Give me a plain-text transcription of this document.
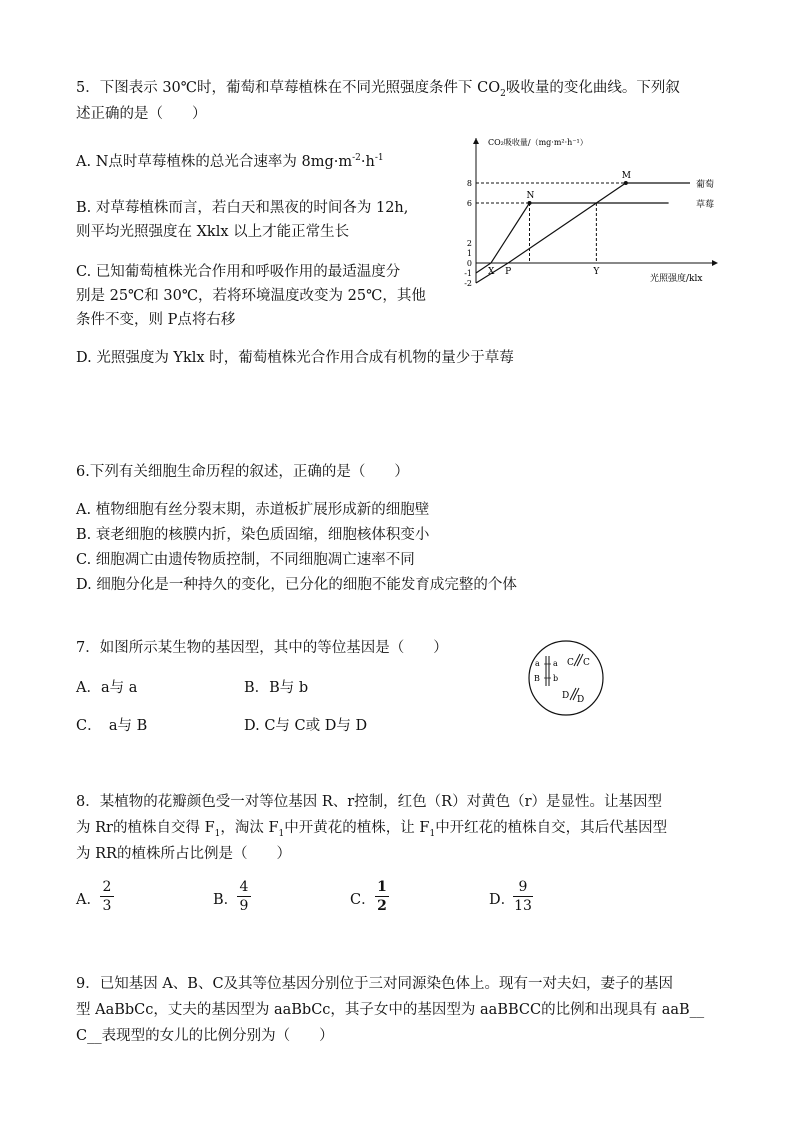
5．下图表示 30℃时，葡萄和草莓植株在不同光照强度条件下 $CO_2$吸收量的变化曲线。下列叙
述正确的是（　　）
A. N点时草莓植株的总光合速率为 $8mg\cdot m^{-2}\cdot h^{-1}$
B. 对草莓植株而言，若白天和黑夜的时间各为 12h,
则平均光照强度在 Xklx 以上才能正常生长
C. 已知葡萄植株光合作用和呼吸作用的最适温度分
别是 25℃和 30℃，若将环境温度改变为 25℃，其他
条件不变，则 P点将右移
D. 光照强度为 Yklx 时，葡萄植株光合作用合成有机物的量少于草莓
CO₂吸收量/（mg·m²·h⁻¹）
光照强度/klx
8
6
2
1
0
-1
-2
葡萄
草莓
M
N
X P	Y
6.下列有关细胞生命历程的叙述，正确的是（　　）
A. 植物细胞有丝分裂末期，赤道板扩展形成新的细胞壁
B. 衰老细胞的核膜内折，染色质固缩，细胞核体积变小
C. 细胞凋亡由遗传物质控制，不同细胞凋亡速率不同
D. 细胞分化是一种持久的变化，已分化的细胞不能发育成完整的个体
7．如图所示某生物的基因型，其中的等位基因是（　　）
A．a与 a	B．B与 b
C．　a与 B	D. C与 C或 D与 D
a a
B b
C C
D D
8．某植物的花瓣颜色受一对等位基因 R、r控制，红色（R）对黄色（r）是显性。让基因型
为 Rr的植株自交得 $F_1$，淘汰 $F_1$中开黄花的植株，让 $F_1$中开红花的植株自交，其后代基因型
为 RR的植株所占比例是（　　）
A．
2
3	B．
4
9	C．
1
2	D．
9
13
9．已知基因 A、B、C及其等位基因分别位于三对同源染色体上。现有一对夫妇，妻子的基因
型 AaBbCc，丈夫的基因型为 aaBbCc，其子女中的基因型为 aaBBCC的比例和出现具有 aaB__
C__表现型的女儿的比例分别为（　　）
